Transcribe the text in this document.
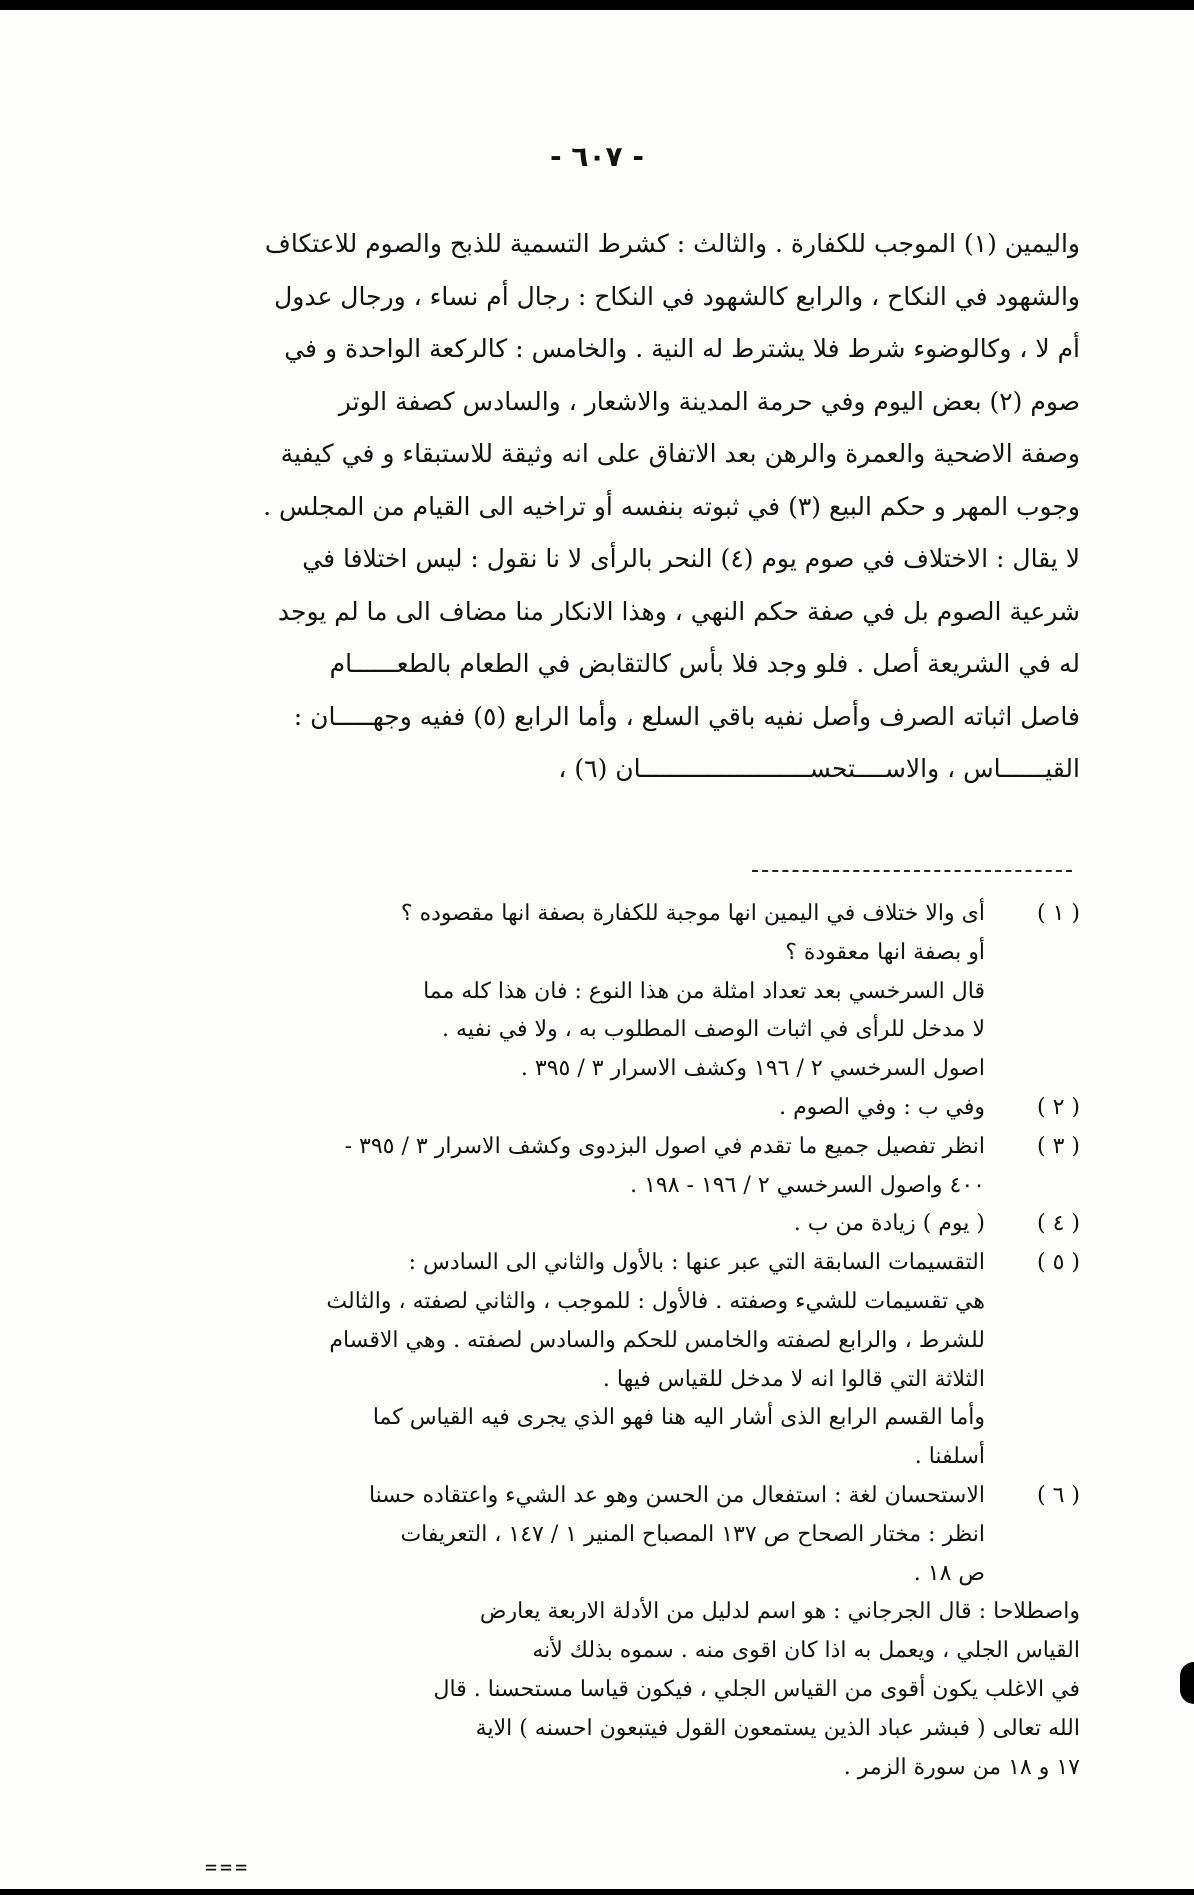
- ٦٠٧ -

واليمين (١) الموجب للكفارة . والثالث : كشرط التسمية للذبح والصوم للاعتكاف

والشهود في النكاح ، والرابع كالشهود في النكاح : رجال أم نساء ، ورجال عدول

أم لا ، وكالوضوء شرط فلا يشترط له النية . والخامس : كالركعة الواحدة و في

صوم (٢) بعض اليوم وفي حرمة المدينة والاشعار ، والسادس كصفة الوتر

وصفة الاضحية والعمرة والرهن بعد الاتفاق على انه وثيقة للاستبقاء و في كيفية

وجوب المهر و حكم البيع (٣) في ثبوته بنفسه أو تراخيه الى القيام من المجلس .

لا يقال : الاختلاف في صوم يوم (٤) النحر بالرأى لا نا نقول : ليس اختلافا في

شرعية الصوم بل في صفة حكم النهي ، وهذا الانكار منا مضاف الى ما لم يوجد

له في الشريعة أصل . فلو وجد فلا بأس كالتقابض في الطعام بالطعــــــام

فاصل اثباته الصرف وأصل نفيه باقي السلع ، وأما الرابع (٥) ففيه وجهـــــان :

القيــــــاس ، والاســــتحســـــــــــــــــــــــان (٦) ،

( ١ )
أى والا ختلاف في اليمين انها موجبة للكفارة بصفة انها مقصوده ؟
أو بصفة انها معقودة ؟
قال السرخسي بعد تعداد امثلة من هذا النوع : فان هذا كله مما
لا مدخل للرأى في اثبات الوصف المطلوب به ، ولا في نفيه .
اصول السرخسي ٢ / ١٩٦ وكشف الاسرار ٣ / ٣٩٥ .
( ٢ )
وفي ب : وفي الصوم .
( ٣ )
انظر تفصيل جميع ما تقدم في اصول البزدوى وكشف الاسرار ٣ / ٣٩٥ -
٤٠٠ واصول السرخسي ٢ / ١٩٦ - ١٩٨ .
( ٤ )
( يوم ) زيادة من ب .
( ٥ )
التقسيمات السابقة التي عبر عنها : بالأول والثاني الى السادس :
هي تقسيمات للشيء وصفته . فالأول : للموجب ، والثاني لصفته ، والثالث
للشرط ، والرابع لصفته والخامس للحكم والسادس لصفته . وهي الاقسام
الثلاثة التي قالوا انه لا مدخل للقياس فيها .
وأما القسم الرابع الذى أشار اليه هنا فهو الذي يجرى فيه القياس كما
أسلفنا .
( ٦ )
الاستحسان لغة : استفعال من الحسن وهو عد الشيء واعتقاده حسنا
انظر : مختار الصحاح ص ١٣٧ المصباح المنير ١ / ١٤٧ ، التعريفات
ص ١٨ .
واصطلاحا : قال الجرجاني : هو اسم لدليل من الأدلة الاربعة يعارض
القياس الجلي ، ويعمل به اذا كان اقوى منه . سموه بذلك لأنه
في الاغلب يكون أقوى من القياس الجلي ، فيكون قياسا مستحسنا . قال
الله تعالى ( فبشر عباد الذين يستمعون القول فيتبعون احسنه ) الاية
١٧ و ١٨ من سورة الزمر .
===
